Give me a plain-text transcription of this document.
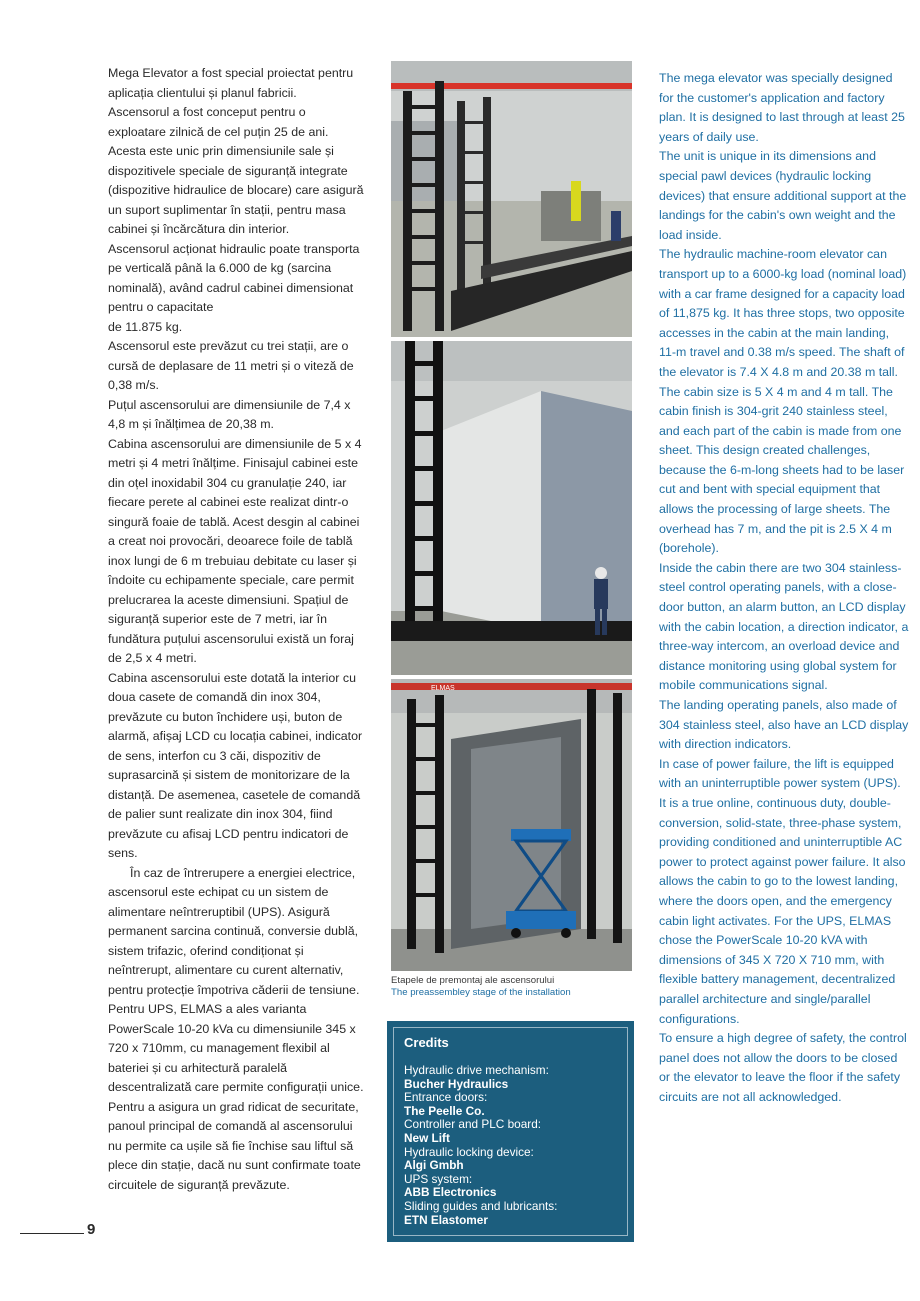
Mega Elevator a fost special proiectat pentru aplicația clientului și planul fabricii.

Ascensorul a fost conceput pentru o exploatare zilnică de cel puțin 25 de ani.

Acesta este unic prin dimensiunile sale și dispozitivele speciale de siguranță integrate (dispozitive hidraulice de blocare) care asigură un suport suplimentar în stații, pentru masa cabinei și încărcătura din interior.

Ascensorul acționat hidraulic poate transporta pe verticală până la 6.000 de kg (sarcina nominală), având cadrul cabinei dimensionat pentru o capacitate

de 11.875 kg.

Ascensorul este prevăzut cu trei stații, are o cursă de deplasare de 11 metri și o viteză de 0,38 m/s.

Puțul ascensorului are dimensiunile de 7,4 x 4,8 m și înălțimea de 20,38 m.

Cabina ascensorului are dimensiunile de 5 x 4 metri și 4 metri înălțime. Finisajul cabinei este din oțel inoxidabil 304 cu granulație 240, iar fiecare perete al cabinei este realizat dintr-o singură foaie de tablă. Acest desgin al cabinei a creat noi provocări, deoarece foile de tablă inox lungi de 6 m trebuiau debitate cu laser și îndoite cu echipamente speciale, care permit prelucrarea la aceste dimensiuni. Spațiul de siguranță superior este de 7 metri, iar în fundătura puțului ascensorului există un foraj de 2,5 x 4 metri.

Cabina ascensorului este dotată la interior cu doua casete de comandă din inox 304, prevăzute cu buton închidere uși, buton de alarmă, afișaj LCD cu locația cabinei, indicator de sens, interfon cu 3 căi, dispozitiv de suprasarcină și sistem de monitorizare de la distanță. De asemenea, casetele de comandă de palier sunt realizate din inox 304, fiind prevăzute cu afisaj LCD pentru indicatori de sens.

În caz de întrerupere a energiei electrice, ascensorul este echipat cu un sistem de alimentare neîntreruptibil (UPS). Asigură permanent sarcina continuă, conversie dublă, sistem trifazic, oferind condiționat și neîntrerupt, alimentare cu curent alternativ, pentru protecție împotriva căderii de tensiune.

Pentru UPS, ELMAS a ales varianta PowerScale 10-20 kVa cu dimensiunile 345 x 720 x 710mm, cu management flexibil al bateriei și cu arhitectură paralelă descentralizată care permite configurații unice. Pentru a asigura un grad ridicat de securitate, panoul principal de comandă al ascensorului nu permite ca ușile să fie închise sau liftul să plece din stație, dacă nu sunt confirmate toate circuitele de siguranță prevăzute.

ELMAS
Etapele de premontaj ale ascensorului
The preassembley stage of the installation
Credits
Hydraulic drive mechanism:
Bucher Hydraulics
Entrance doors:
The Peelle Co.
Controller and PLC board:
New Lift
Hydraulic locking device:
Algi Gmbh
UPS system:
ABB Electronics
Sliding guides and lubricants:
ETN Elastomer

The mega elevator was specially designed for the customer's application and factory plan. It is designed to last through at least 25 years of daily use.

The unit is unique in its dimensions and special pawl devices (hydraulic locking devices) that ensure additional support at the landings for the cabin's own weight and the load inside.

The hydraulic machine-room elevator can transport up to a 6000-kg load (nominal load) with a car frame designed for a capacity load of 11,875 kg. It has three stops, two opposite accesses in the cabin at the main landing, 11-m travel and 0.38 m/s speed. The shaft of the elevator is 7.4 X 4.8 m and 20.38 m tall.

The cabin size is 5 X 4 m and 4 m tall. The cabin finish is 304-grit 240 stainless steel, and each part of the cabin is made from one sheet. This design created challenges, because the 6-m-long sheets had to be laser cut and bent with special equipment that allows the processing of large sheets. The overhead has 7 m, and the pit is 2.5 X 4 m (borehole).

Inside the cabin there are two 304 stainless-steel control operating panels, with a close-door button, an alarm button, an LCD display with the cabin location, a direction indicator, a three-way intercom, an overload device and distance monitoring using global system for mobile communications signal.

The landing operating panels, also made of 304 stainless steel, also have an LCD display with direction indicators.

In case of power failure, the lift is equipped with an uninterruptible power system (UPS). It is a true online, continuous duty, double-conversion, solid-state, three-phase system, providing conditioned and uninterruptible AC power to protect against power failure. It also allows the cabin to go to the lowest landing, where the doors open, and the emergency cabin light activates. For the UPS, ELMAS chose the PowerScale 10-20 kVA with dimensions of 345 X 720 X 710 mm, with flexible battery management, decentralized parallel architecture and single/parallel configurations.

To ensure a high degree of safety, the control panel does not allow the doors to be closed or the elevator to leave the floor if the safety circuits are not all acknowledged.

9
